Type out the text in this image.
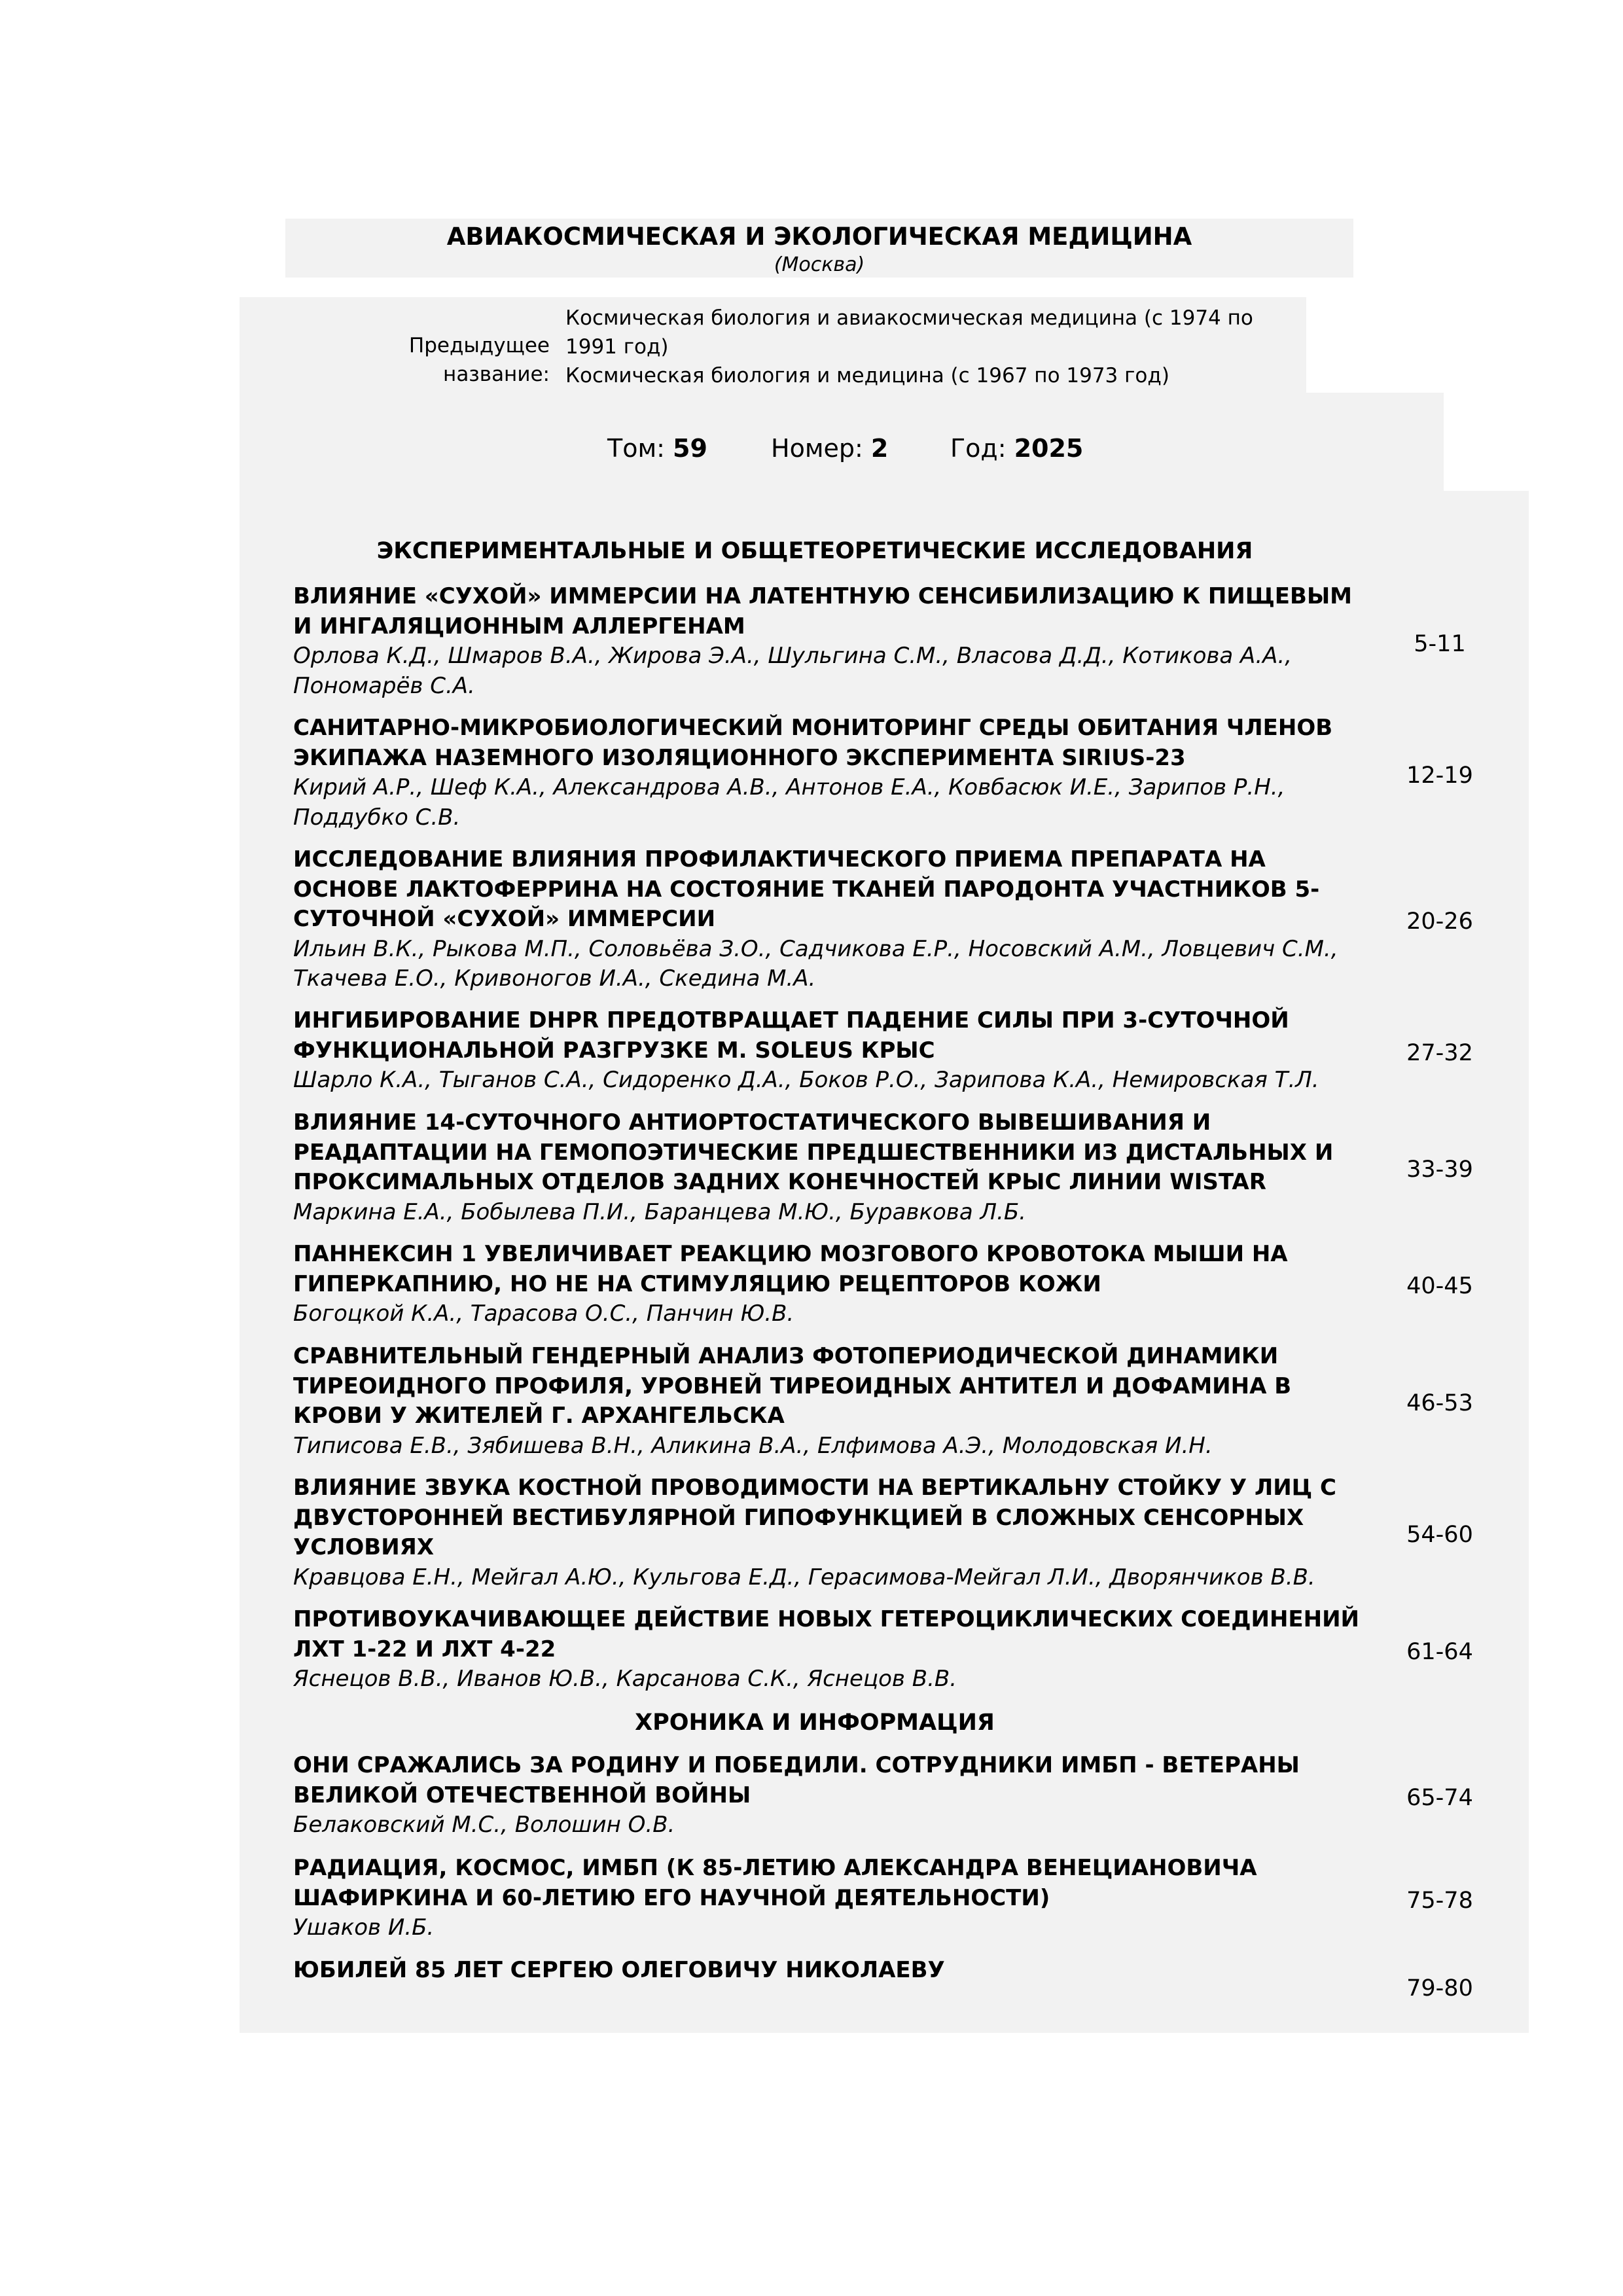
АВИАКОСМИЧЕСКАЯ И ЭКОЛОГИЧЕСКАЯ МЕДИЦИНА
(Москва)
Предыдущее название:
Космическая биология и авиакосмическая медицина (с 1974 по 1991 год)
Космическая биология и медицина (с 1967 по 1973 год)
Том: 59	Номер: 2 Год: 2025
ЭКСПЕРИМЕНТАЛЬНЫЕ И ОБЩЕТЕОРЕТИЧЕСКИЕ ИССЛЕДОВАНИЯ
ВЛИЯНИЕ «СУХОЙ» ИММЕРСИИ НА ЛАТЕНТНУЮ СЕНСИБИЛИЗАЦИЮ К ПИЩЕВЫМ И ИНГАЛЯЦИОННЫМ АЛЛЕРГЕНАМ
Орлова К.Д., Шмаров В.А., Жирова Э.А., Шульгина С.М., Власова Д.Д., Котикова А.А., Пономарёв С.А.
5-11
САНИТАРНО-МИКРОБИОЛОГИЧЕСКИЙ МОНИТОРИНГ СРЕДЫ ОБИТАНИЯ ЧЛЕНОВ ЭКИПАЖА НАЗЕМНОГО ИЗОЛЯЦИОННОГО ЭКСПЕРИМЕНТА SIRIUS-23
Кирий А.Р., Шеф К.А., Александрова А.В., Антонов Е.А., Ковбасюк И.Е., Зарипов Р.Н., Поддубко С.В.
12-19
ИССЛЕДОВАНИЕ ВЛИЯНИЯ ПРОФИЛАКТИЧЕСКОГО ПРИЕМА ПРЕПАРАТА НА ОСНОВЕ ЛАКТОФЕРРИНА НА СОСТОЯНИЕ ТКАНЕЙ ПАРОДОНТА УЧАСТНИКОВ 5-СУТОЧНОЙ «СУХОЙ» ИММЕРСИИ
Ильин В.К., Рыкова М.П., Соловьёва З.О., Садчикова Е.Р., Носовский А.М., Ловцевич С.М., Ткачева Е.О., Кривоногов И.А., Скедина М.А.
20-26
ИНГИБИРОВАНИЕ DHPR ПРЕДОТВРАЩАЕТ ПАДЕНИЕ СИЛЫ ПРИ 3-СУТОЧНОЙ ФУНКЦИОНАЛЬНОЙ РАЗГРУЗКЕ M. SOLEUS КРЫС
Шарло К.А., Тыганов С.А., Сидоренко Д.А., Боков Р.О., Зарипова К.А., Немировская Т.Л.
27-32
ВЛИЯНИЕ 14-СУТОЧНОГО АНТИОРТОСТАТИЧЕСКОГО ВЫВЕШИВАНИЯ И РЕАДАПТАЦИИ НА ГЕМОПОЭТИЧЕСКИЕ ПРЕДШЕСТВЕННИКИ ИЗ ДИСТАЛЬНЫХ И ПРОКСИМАЛЬНЫХ ОТДЕЛОВ ЗАДНИХ КОНЕЧНОСТЕЙ КРЫС ЛИНИИ WISTAR
Маркина Е.А., Бобылева П.И., Баранцева М.Ю., Буравкова Л.Б.
33-39
ПАННЕКСИН 1 УВЕЛИЧИВАЕТ РЕАКЦИЮ МОЗГОВОГО КРОВОТОКА МЫШИ НА ГИПЕРКАПНИЮ, НО НЕ НА СТИМУЛЯЦИЮ РЕЦЕПТОРОВ КОЖИ
Богоцкой К.А., Тарасова О.С., Панчин Ю.В.
40-45
СРАВНИТЕЛЬНЫЙ ГЕНДЕРНЫЙ АНАЛИЗ ФОТОПЕРИОДИЧЕСКОЙ ДИНАМИКИ ТИРЕОИДНОГО ПРОФИЛЯ, УРОВНЕЙ ТИРЕОИДНЫХ АНТИТЕЛ И ДОФАМИНА В КРОВИ У ЖИТЕЛЕЙ Г. АРХАНГЕЛЬСКА
Типисова Е.В., Зябишева В.Н., Аликина В.А., Елфимова А.Э., Молодовская И.Н.
46-53
ВЛИЯНИЕ ЗВУКА КОСТНОЙ ПРОВОДИМОСТИ НА ВЕРТИКАЛЬНУ СТОЙКУ У ЛИЦ С ДВУСТОРОННЕЙ ВЕСТИБУЛЯРНОЙ ГИПОФУНКЦИЕЙ В СЛОЖНЫХ СЕНСОРНЫХ УСЛОВИЯХ
Кравцова Е.Н., Мейгал А.Ю., Кульгова Е.Д., Герасимова-Мейгал Л.И., Дворянчиков В.В.
54-60
ПРОТИВОУКАЧИВАЮЩЕЕ ДЕЙСТВИЕ НОВЫХ ГЕТЕРОЦИКЛИЧЕСКИХ СОЕДИНЕНИЙ ЛХТ 1-22 И ЛХТ 4-22
Яснецов В.В., Иванов Ю.В., Карсанова С.К., Яснецов В.В.
61-64
ХРОНИКА И ИНФОРМАЦИЯ
ОНИ СРАЖАЛИСЬ ЗА РОДИНУ И ПОБЕДИЛИ. СОТРУДНИКИ ИМБП - ВЕТЕРАНЫ ВЕЛИКОЙ ОТЕЧЕСТВЕННОЙ ВОЙНЫ
Белаковский М.С., Волошин О.В.
65-74
РАДИАЦИЯ, КОСМОС, ИМБП (К 85-ЛЕТИЮ АЛЕКСАНДРА ВЕНЕЦИАНОВИЧА ШАФИРКИНА И 60-ЛЕТИЮ ЕГО НАУЧНОЙ ДЕЯТЕЛЬНОСТИ)
Ушаков И.Б.
75-78
ЮБИЛЕЙ 85 ЛЕТ СЕРГЕЮ ОЛЕГОВИЧУ НИКОЛАЕВУ
79-80
